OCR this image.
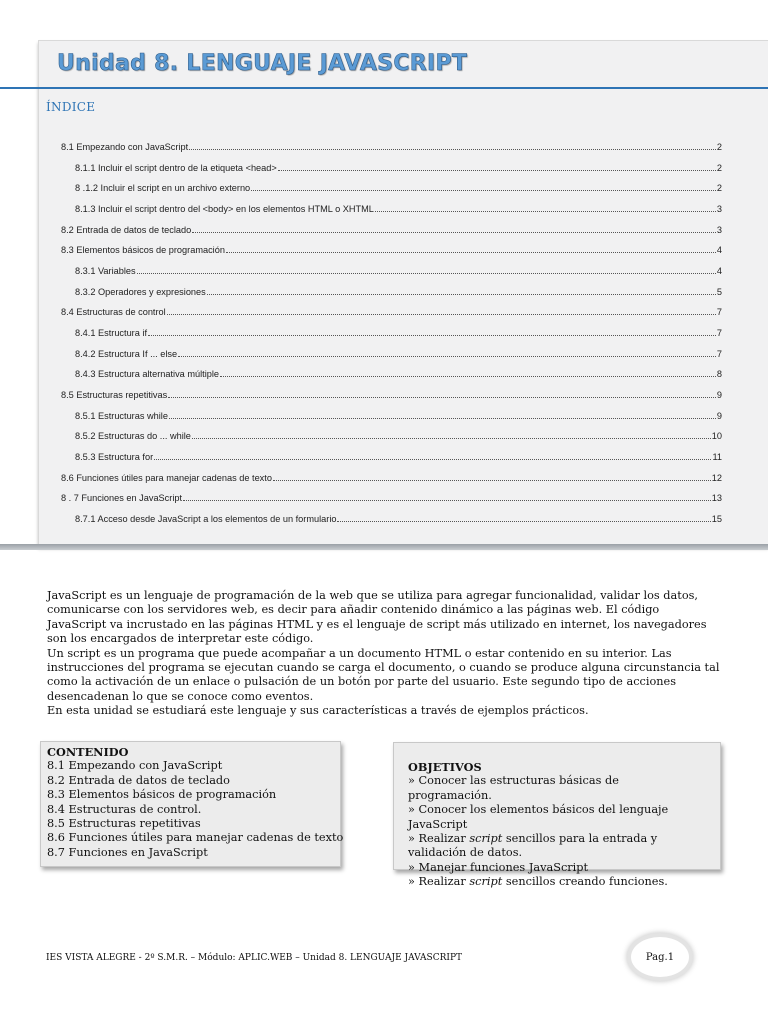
Unidad 8. LENGUAJE JAVASCRIPT
ÍNDICE
8.1 Empezando con JavaScript	2
8.1.1 Incluir el script dentro de la etiqueta <head>	2
8 .1.2 Incluir el script en un archivo externo	2
8.1.3 Incluir el script dentro del <body> en los elementos HTML o XHTML	3
8.2 Entrada de datos de teclado	3
8.3 Elementos básicos de programación	4
8.3.1 Variables	4
8.3.2 Operadores y expresiones	5
8.4 Estructuras de control	7
8.4.1 Estructura if	7
8.4.2 Estructura If ... else	7
8.4.3 Estructura alternativa múltiple	8
8.5 Estructuras repetitivas	9
8.5.1 Estructuras while	9
8.5.2 Estructuras do ... while	10
8.5.3 Estructura for	11
8.6 Funciones útiles para manejar cadenas de texto	12
8 . 7 Funciones en JavaScript	13
8.7.1 Acceso desde JavaScript a los elementos de un formulario	15

JavaScript es un lenguaje de programación de la web que se utiliza para agregar funcionalidad, validar los datos, comunicarse con los servidores web, es decir para añadir contenido dinámico a las páginas web. El código JavaScript va incrustado en las páginas HTML y es el lenguaje de script más utilizado en internet, los navegadores son los encargados de interpretar este código.

Un script es un programa que puede acompañar a un documento HTML o estar contenido en su interior. Las instrucciones del programa se ejecutan cuando se carga el documento, o cuando se produce alguna circunstancia tal como la activación de un enlace o pulsación de un botón por parte del usuario. Este segundo tipo de acciones desencadenan lo que se conoce como eventos.

En esta unidad se estudiará este lenguaje y sus características a través de ejemplos prácticos.

CONTENIDO
8.1 Empezando con JavaScript
8.2 Entrada de datos de teclado
8.3 Elementos básicos de programación
8.4 Estructuras de control.
8.5 Estructuras repetitivas
8.6 Funciones útiles para manejar cadenas de texto
8.7 Funciones en JavaScript
OBJETIVOS
» Conocer las estructuras básicas de programación.
» Conocer los elementos básicos del lenguaje JavaScript
» Realizar script sencillos para la entrada y validación de datos.
» Manejar funciones JavaScript
» Realizar script sencillos creando funciones.
IES VISTA ALEGRE - 2º S.M.R. – Módulo: APLIC.WEB – Unidad 8. LENGUAJE JAVASCRIPT	Pag.1
